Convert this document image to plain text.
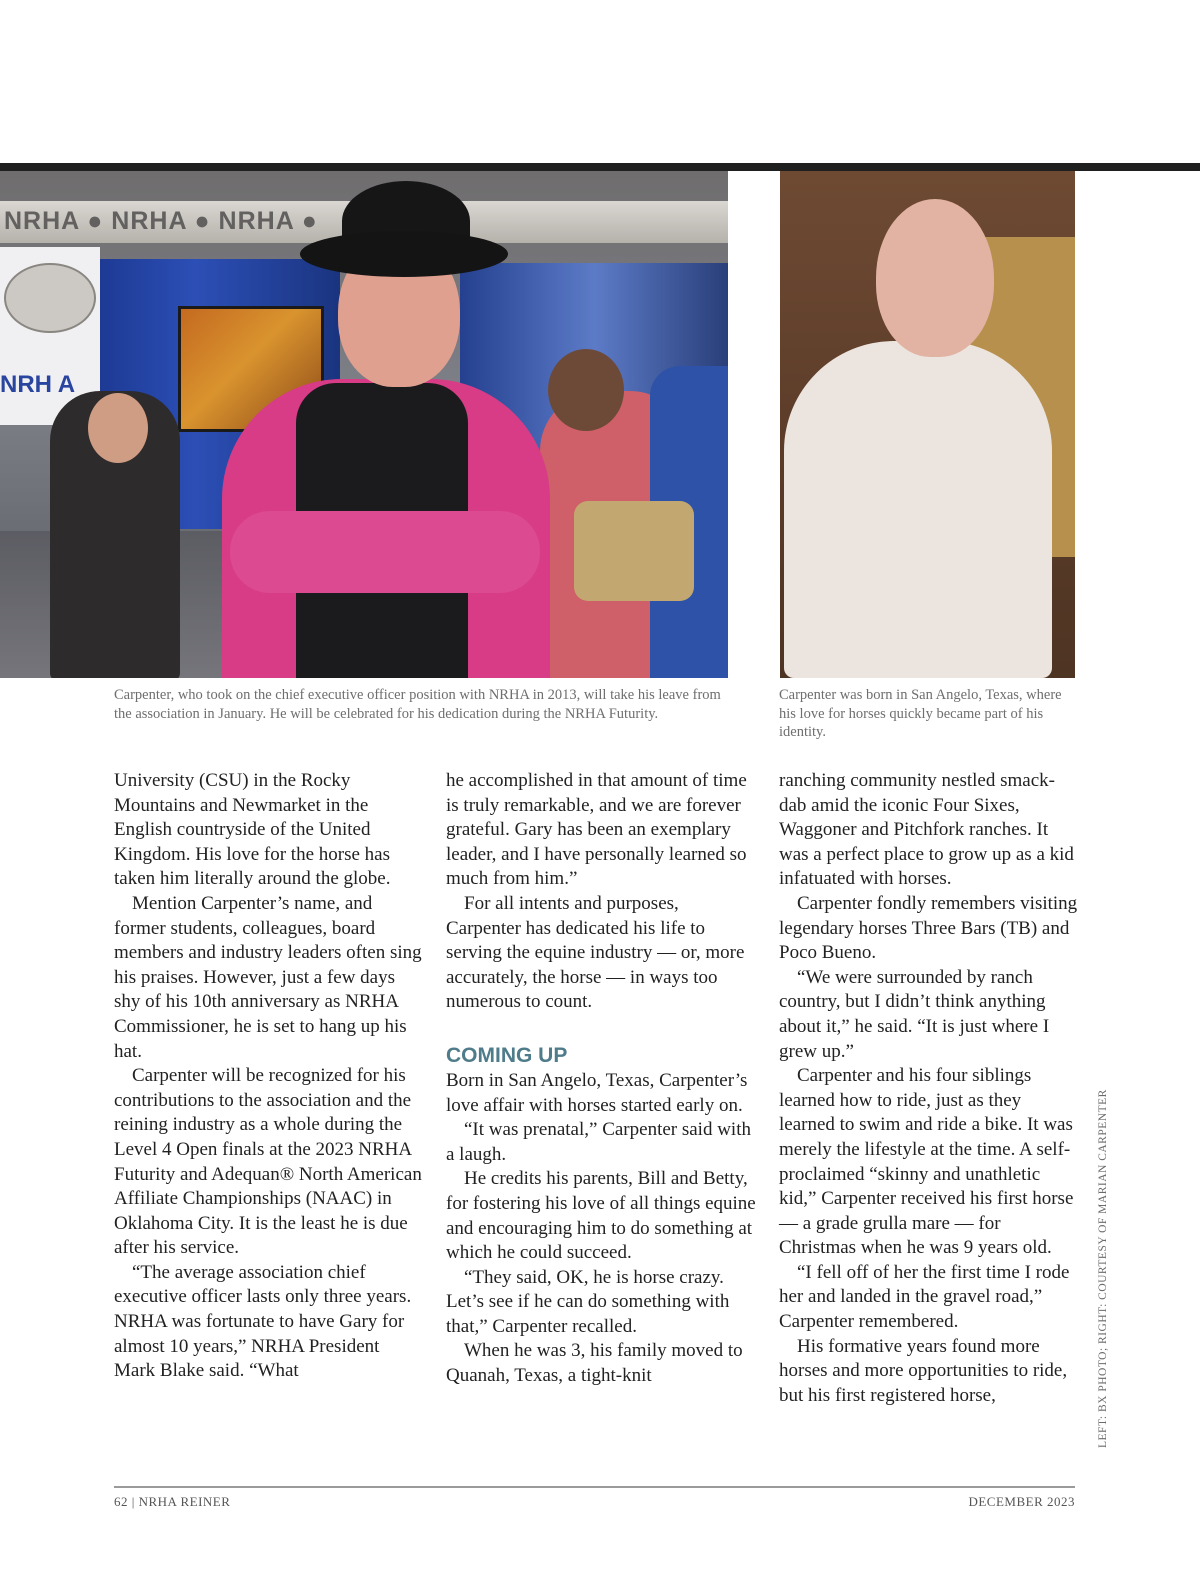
NRHA ● NRHA ● NRHA ●
NRH A
Carpenter, who took on the chief executive officer position with NRHA in 2013, will take his leave from the association in January. He will be celebrated for his dedication during the NRHA Futurity.
Carpenter was born in San Angelo, Texas, where his love for horses quickly became part of his identity.

University (CSU) in the Rocky Mountains and Newmarket in the English countryside of the United Kingdom. His love for the horse has taken him literally around the globe.

Mention Carpenter’s name, and former students, colleagues, board members and industry leaders often sing his praises. However, just a few days shy of his 10th anniversary as NRHA Commissioner, he is set to hang up his hat.

Carpenter will be recognized for his contributions to the association and the reining industry as a whole during the Level 4 Open finals at the 2023 NRHA Futurity and Adequan® North American Affiliate Championships (NAAC) in Oklahoma City. It is the least he is due after his service.

“The average association chief executive officer lasts only three years. NRHA was fortunate to have Gary for almost 10 years,” NRHA President Mark Blake said. “What

he accomplished in that amount of time is truly remarkable, and we are forever grateful. Gary has been an exemplary leader, and I have personally learned so much from him.”

For all intents and purposes, Carpenter has dedicated his life to serving the equine industry — or, more accurately, the horse — in ways too numerous to count.

COMING UP

Born in San Angelo, Texas, Carpenter’s love affair with horses started early on.

“It was prenatal,” Carpenter said with a laugh.

He credits his parents, Bill and Betty, for fostering his love of all things equine and encouraging him to do something at which he could succeed.

“They said, OK, he is horse crazy. Let’s see if he can do something with that,” Carpenter recalled.

When he was 3, his family moved to Quanah, Texas, a tight-knit

ranching community nestled smack-dab amid the iconic Four Sixes, Waggoner and Pitchfork ranches. It was a perfect place to grow up as a kid infatuated with horses.

Carpenter fondly remembers visiting legendary horses Three Bars (TB) and Poco Bueno.

“We were surrounded by ranch country, but I didn’t think anything about it,” he said. “It is just where I grew up.”

Carpenter and his four siblings learned how to ride, just as they learned to swim and ride a bike. It was merely the lifestyle at the time. A self-proclaimed “skinny and unathletic kid,” Carpenter received his first horse — a grade grulla mare — for Christmas when he was 9 years old.

“I fell off of her the first time I rode her and landed in the gravel road,” Carpenter remembered.

His formative years found more horses and more opportunities to ride, but his first registered horse,	LEFT: BX PHOTO; RIGHT: COURTESY OF MARIAN CARPENTER
62 | NRHA REINER	DECEMBER 2023
